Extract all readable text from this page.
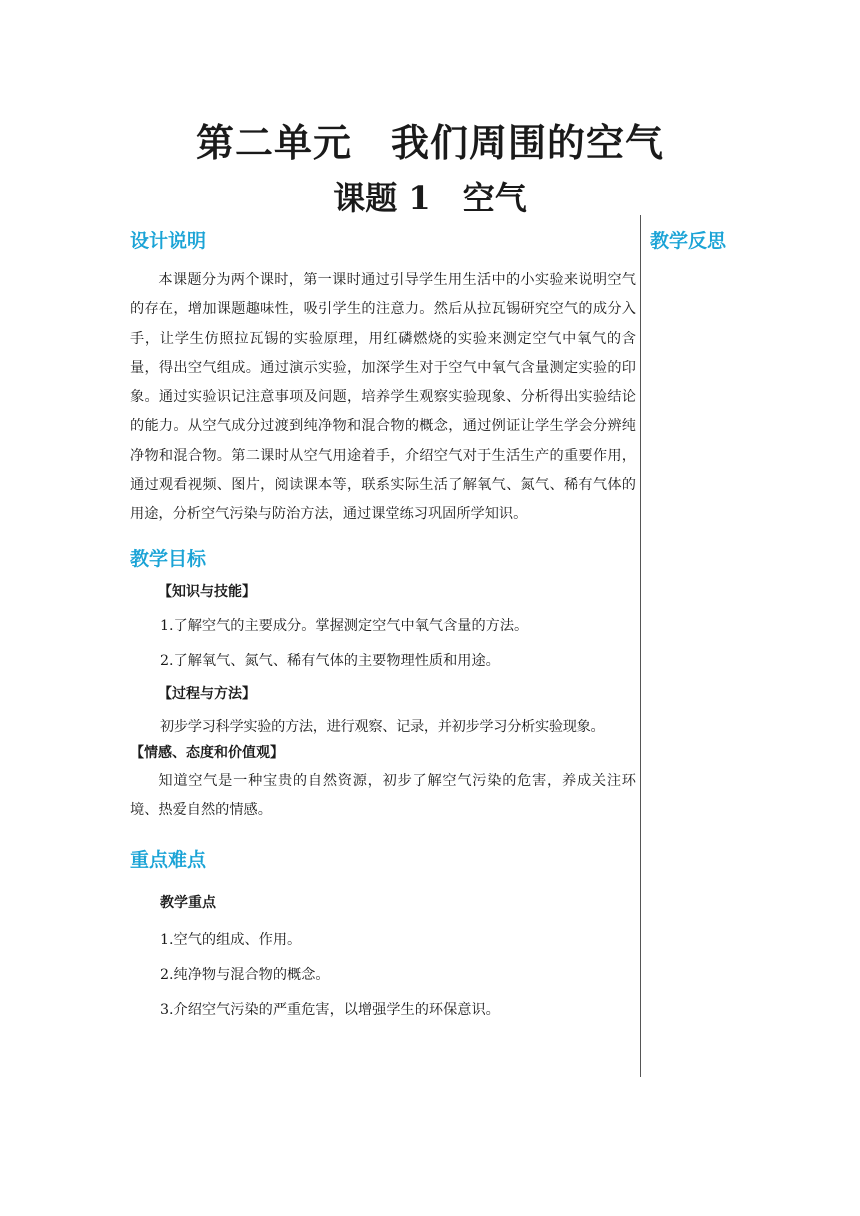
第二单元　我们周围的空气
课题 1　空气
教学反思
设计说明

本课题分为两个课时，第一课时通过引导学生用生活中的小实验来说明空气的存在，增加课题趣味性，吸引学生的注意力。然后从拉瓦锡研究空气的成分入手，让学生仿照拉瓦锡的实验原理，用红磷燃烧的实验来测定空气中氧气的含量，得出空气组成。通过演示实验，加深学生对于空气中氧气含量测定实验的印象。通过实验识记注意事项及问题，培养学生观察实验现象、分析得出实验结论的能力。从空气成分过渡到纯净物和混合物的概念，通过例证让学生学会分辨纯净物和混合物。第二课时从空气用途着手，介绍空气对于生活生产的重要作用，通过观看视频、图片，阅读课本等，联系实际生活了解氧气、氮气、稀有气体的用途，分析空气污染与防治方法，通过课堂练习巩固所学知识。

教学目标

【知识与技能】

1.了解空气的主要成分。掌握测定空气中氧气含量的方法。

2.了解氧气、氮气、稀有气体的主要物理性质和用途。

【过程与方法】

初步学习科学实验的方法，进行观察、记录，并初步学习分析实验现象。

【情感、态度和价值观】

知道空气是一种宝贵的自然资源，初步了解空气污染的危害，养成关注环境、热爱自然的情感。

重点难点

教学重点

1.空气的组成、作用。

2.纯净物与混合物的概念。

3.介绍空气污染的严重危害，以增强学生的环保意识。
